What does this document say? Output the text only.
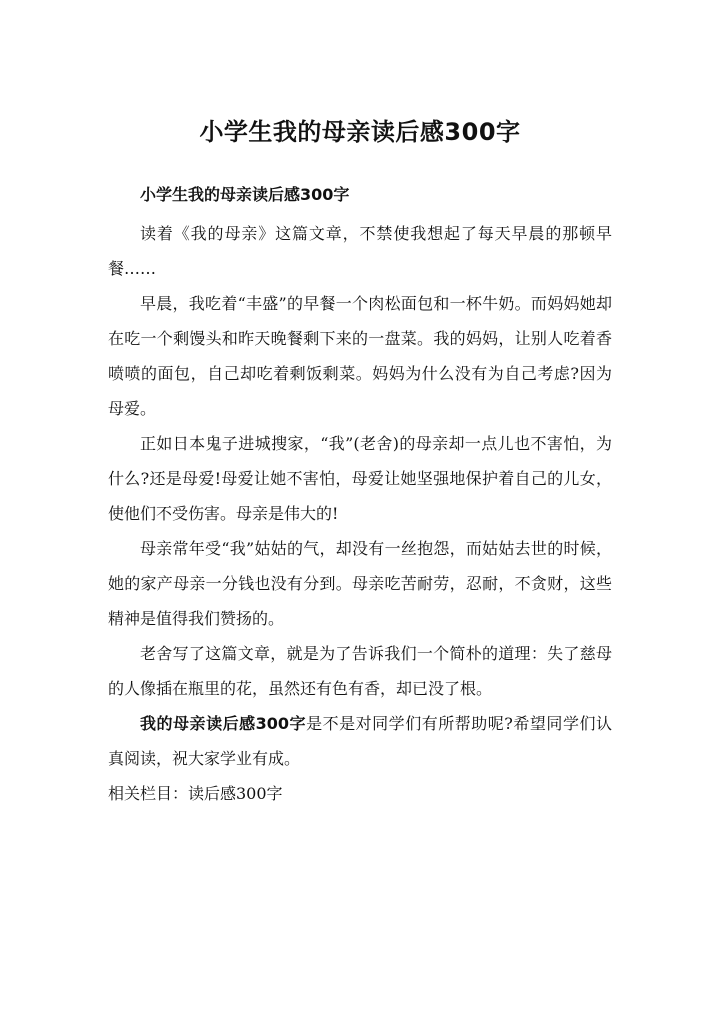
小学生我的母亲读后感300字

小学生我的母亲读后感300字

读着《我的母亲》这篇文章，不禁使我想起了每天早晨的那顿早餐……

早晨，我吃着“丰盛”的早餐一个肉松面包和一杯牛奶。而妈妈她却在吃一个剩馒头和昨天晚餐剩下来的一盘菜。我的妈妈，让别人吃着香喷喷的面包，自己却吃着剩饭剩菜。妈妈为什么没有为自己考虑?因为母爱。

正如日本鬼子进城搜家，“我”(老舍)的母亲却一点儿也不害怕，为什么?还是母爱!母爱让她不害怕，母爱让她坚强地保护着自己的儿女，使他们不受伤害。母亲是伟大的!

母亲常年受“我”姑姑的气，却没有一丝抱怨，而姑姑去世的时候，她的家产母亲一分钱也没有分到。母亲吃苦耐劳，忍耐，不贪财，这些精神是值得我们赞扬的。

老舍写了这篇文章，就是为了告诉我们一个简朴的道理：失了慈母的人像插在瓶里的花，虽然还有色有香，却已没了根。

我的母亲读后感300字是不是对同学们有所帮助呢?希望同学们认真阅读，祝大家学业有成。

相关栏目：读后感300字
